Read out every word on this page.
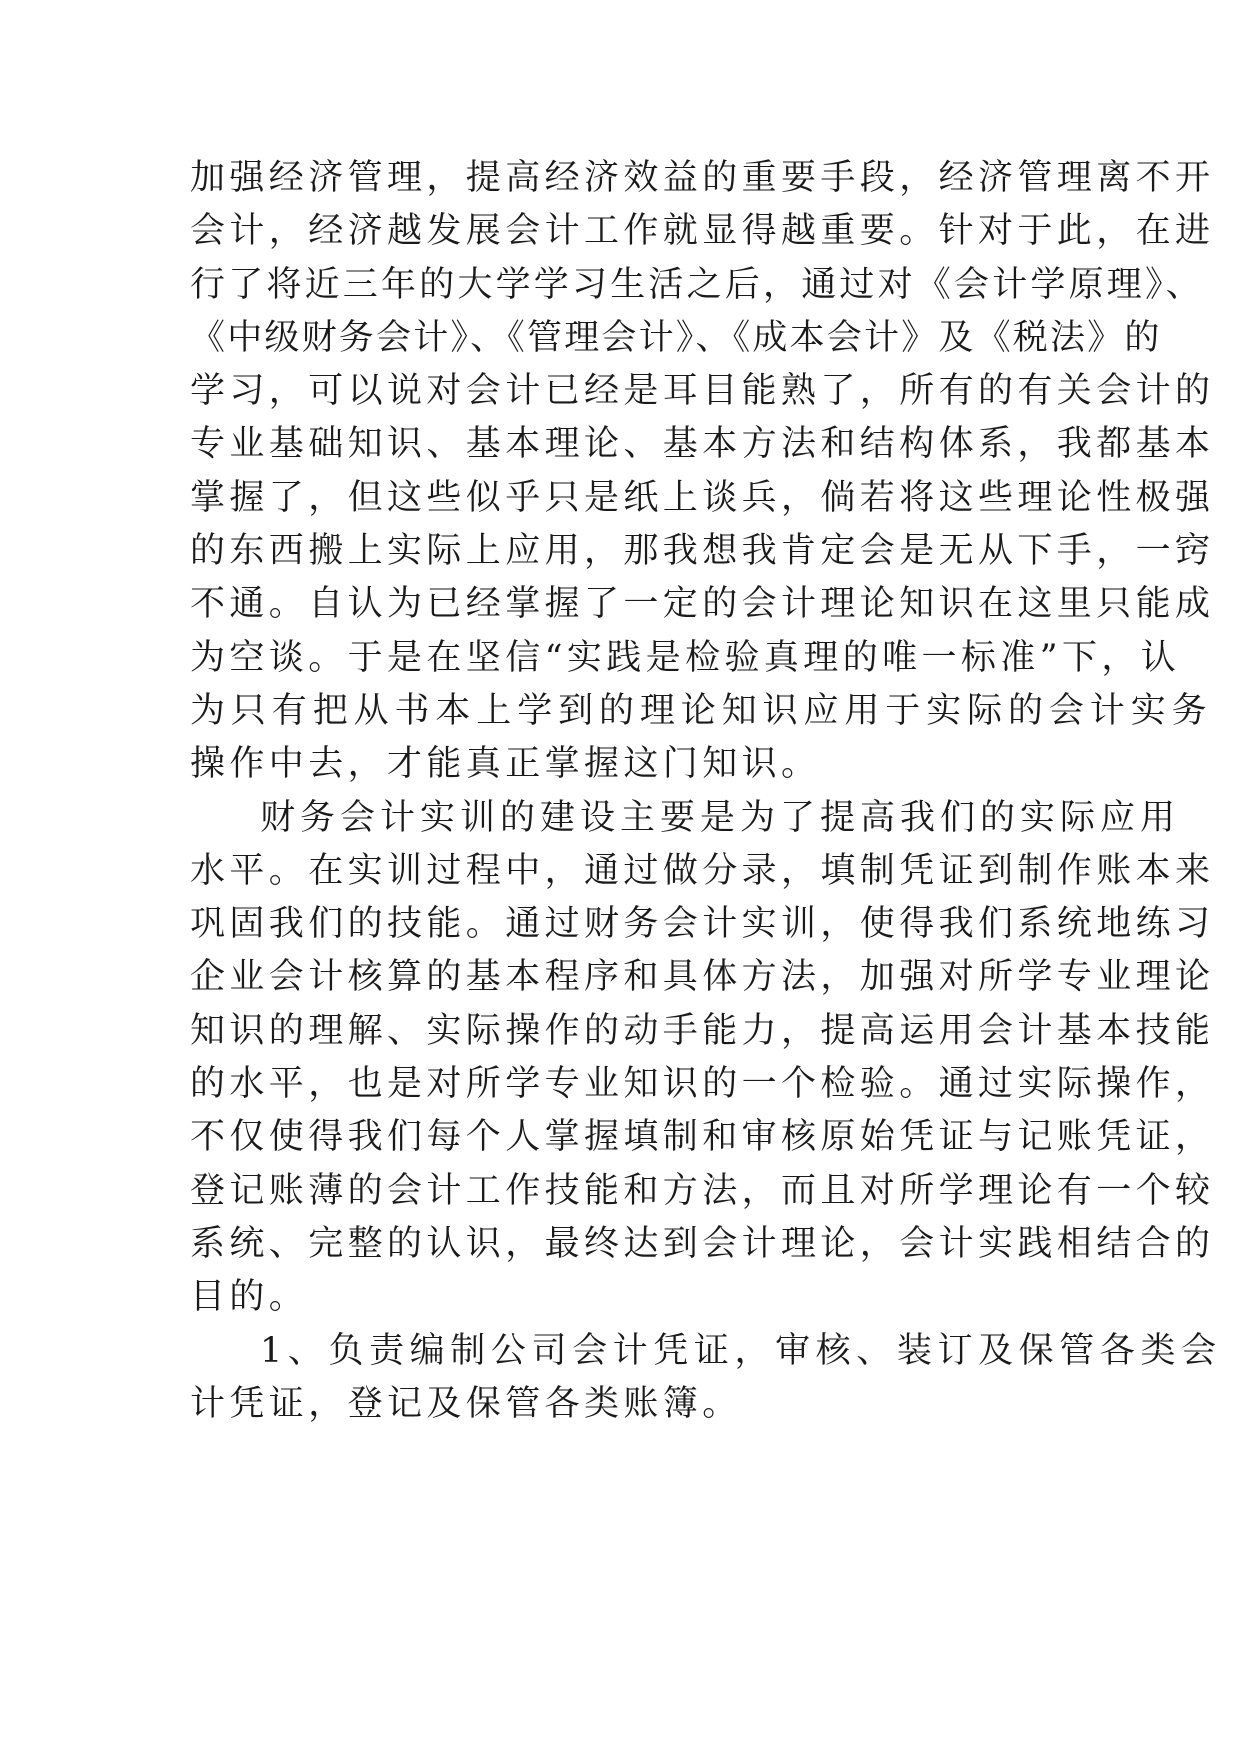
加强经济管理，提高经济效益的重要手段，经济管理离不开
会计，经济越发展会计工作就显得越重要。针对于此，在进
行了将近三年的大学学习生活之后，通过对《会计学原理》、
《中级财务会计》、《管理会计》、《成本会计》及《税法》的
学习，可以说对会计已经是耳目能熟了，所有的有关会计的
专业基础知识、基本理论、基本方法和结构体系，我都基本
掌握了，但这些似乎只是纸上谈兵，倘若将这些理论性极强
的东西搬上实际上应用，那我想我肯定会是无从下手，一窍
不通。自认为已经掌握了一定的会计理论知识在这里只能成
为空谈。于是在坚信“实践是检验真理的唯一标准”下，认
为只有把从书本上学到的理论知识应用于实际的会计实务
操作中去，才能真正掌握这门知识。
财务会计实训的建设主要是为了提高我们的实际应用
水平。在实训过程中，通过做分录，填制凭证到制作账本来
巩固我们的技能。通过财务会计实训，使得我们系统地练习
企业会计核算的基本程序和具体方法，加强对所学专业理论
知识的理解、实际操作的动手能力，提高运用会计基本技能
的水平，也是对所学专业知识的一个检验。通过实际操作，
不仅使得我们每个人掌握填制和审核原始凭证与记账凭证，
登记账薄的会计工作技能和方法，而且对所学理论有一个较
系统、完整的认识，最终达到会计理论，会计实践相结合的
目的。
1、负责编制公司会计凭证，审核、装订及保管各类会
计凭证，登记及保管各类账簿。
